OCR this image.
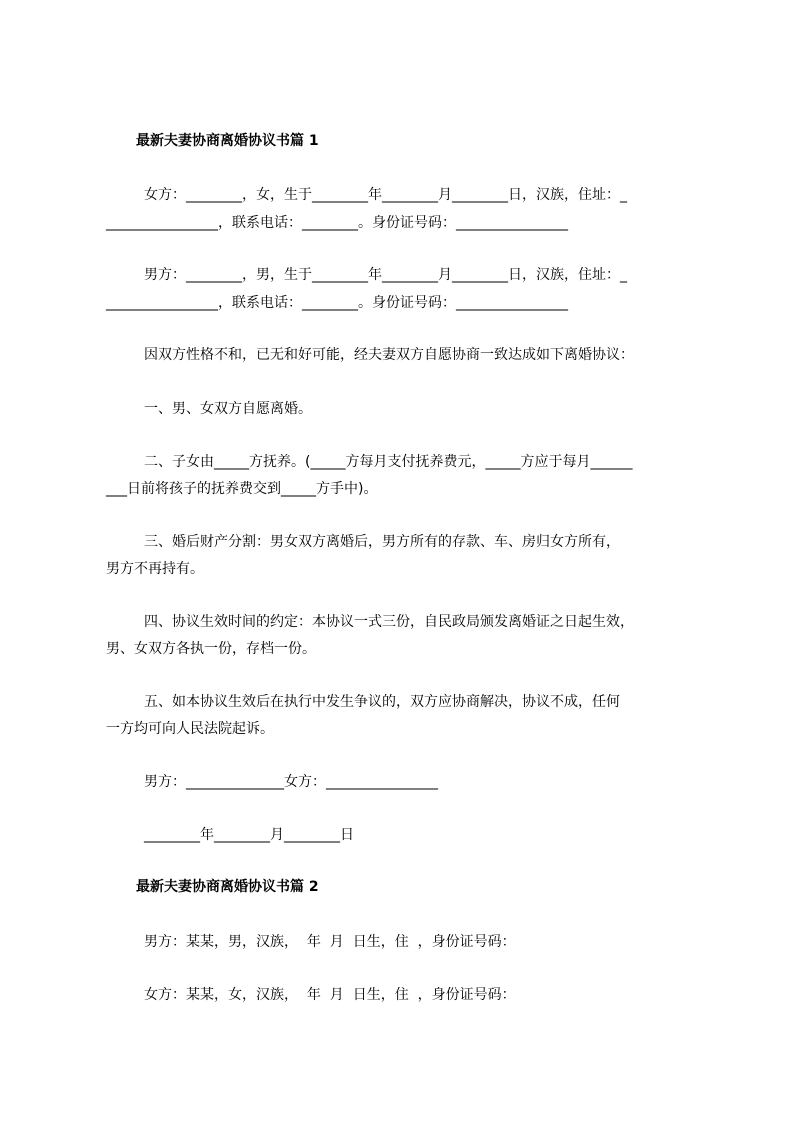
最新夫妻协商离婚协议书篇 1
女方：________，女，生于________年________月________日，汉族，住址：_
________________，联系电话：________。身份证号码：________________
男方：________，男，生于________年________月________日，汉族，住址：_
________________，联系电话：________。身份证号码：________________
因双方性格不和，已无和好可能，经夫妻双方自愿协商一致达成如下离婚协议：
一、男、女双方自愿离婚。
二、子女由_____方抚养。(_____方每月支付抚养费元，_____方应于每月______
___日前将孩子的抚养费交到_____方手中)。
三、婚后财产分割：男女双方离婚后，男方所有的存款、车、房归女方所有，
男方不再持有。
四、协议生效时间的约定：本协议一式三份，自民政局颁发离婚证之日起生效，
男、女双方各执一份，存档一份。
五、如本协议生效后在执行中发生争议的，双方应协商解决，协议不成，任何
一方均可向人民法院起诉。
男方：______________女方：________________
________年________月________日
最新夫妻协商离婚协议书篇 2
男方：某某，男，汉族，  年  月  日生，住  ，身份证号码：
女方：某某，女，汉族，  年  月  日生，住  ，身份证号码：
